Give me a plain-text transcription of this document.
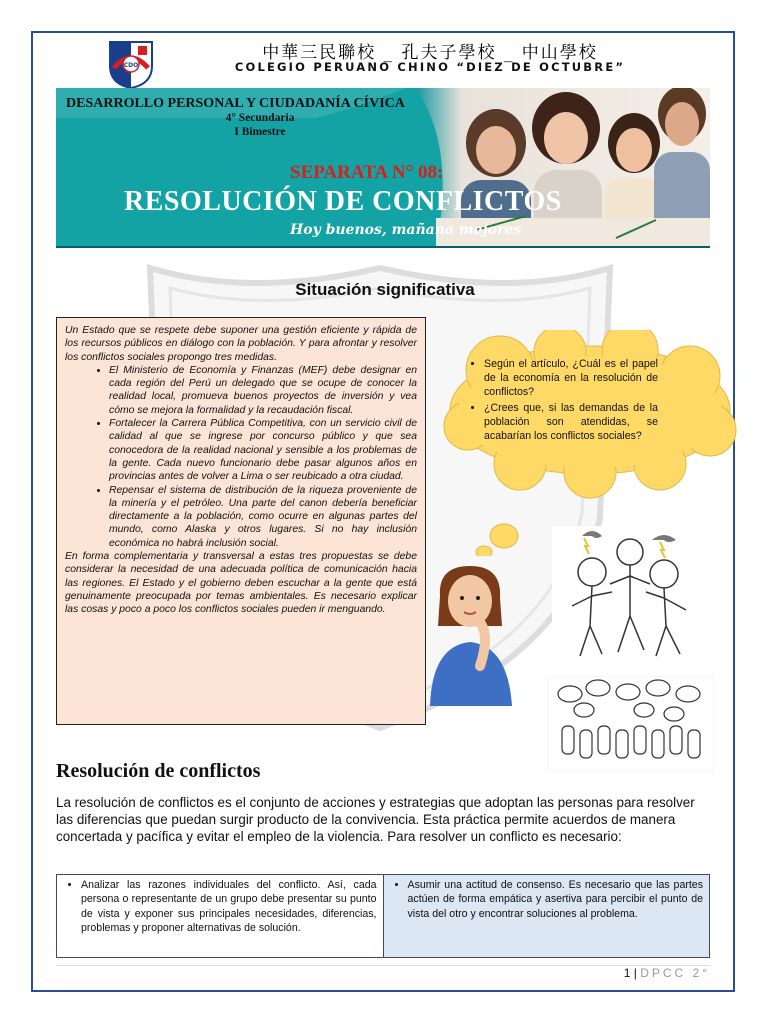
CDO
中華三民聯校 _ 孔夫子學校 _ 中山學校
COLEGIO PERUANO CHINO “DIEZ DE OCTUBRE”
DESARROLLO PERSONAL Y CIUDADANÍA CÍVICA
4° Secundaria
I Bimestre
SEPARATA N° 08:
RESOLUCIÓN DE CONFLICTOS
Hoy buenos, mañana mejores
Situación significativa

Un Estado que se respete debe suponer una gestión eficiente y rápida de los recursos públicos en diálogo con la población. Y para afrontar y resolver los conflictos sociales propongo tres medidas.

• El Ministerio de Economía y Finanzas (MEF) debe designar en cada región del Perú un delegado que se ocupe de conocer la realidad local, promueva buenos proyectos de inversión y vea cómo se mejora la formalidad y la recaudación fiscal.
• Fortalecer la Carrera Pública Competitiva, con un servicio civil de calidad al que se ingrese por concurso público y que sea conocedora de la realidad nacional y sensible a los problemas de la gente. Cada nuevo funcionario debe pasar algunos años en provincias antes de volver a Lima o ser reubicado a otra ciudad.
• Repensar el sistema de distribución de la riqueza proveniente de la minería y el petróleo. Una parte del canon debería beneficiar directamente a la población, como ocurre en algunas partes del mundo, como Alaska y otros lugares. Si no hay inclusión económica no habrá inclusión social.

En forma complementaria y transversal a estas tres propuestas se debe considerar la necesidad de una adecuada política de comunicación hacia las regiones. El Estado y el gobierno deben escuchar a la gente que está genuinamente preocupada por temas ambientales. Es necesario explicar las cosas y poco a poco los conflictos sociales pueden ir menguando.

• Según el artículo, ¿Cuál es el papel de la economía en la resolución de conflictos?
• ¿Crees que, si las demandas de la población son atendidas, se acabarían los conflictos sociales?
Resolución de conflictos
La resolución de conflictos es el conjunto de acciones y estrategias que adoptan las personas para resolver las diferencias que puedan surgir producto de la convivencia. Esta práctica permite acuerdos de manera concertada y pacífica y evitar el empleo de la violencia. Para resolver un conflicto es necesario:
• Analizar las razones individuales del conflicto. Así, cada persona o representante de un grupo debe presentar su punto de vista y exponer sus principales necesidades, diferencias, problemas y proponer alternativas de solución.

• Asumir una actitud de consenso. Es necesario que las partes actúen de forma empática y asertiva para percibir el punto de vista del otro y encontrar soluciones al problema.
1 | DPCC 2°
